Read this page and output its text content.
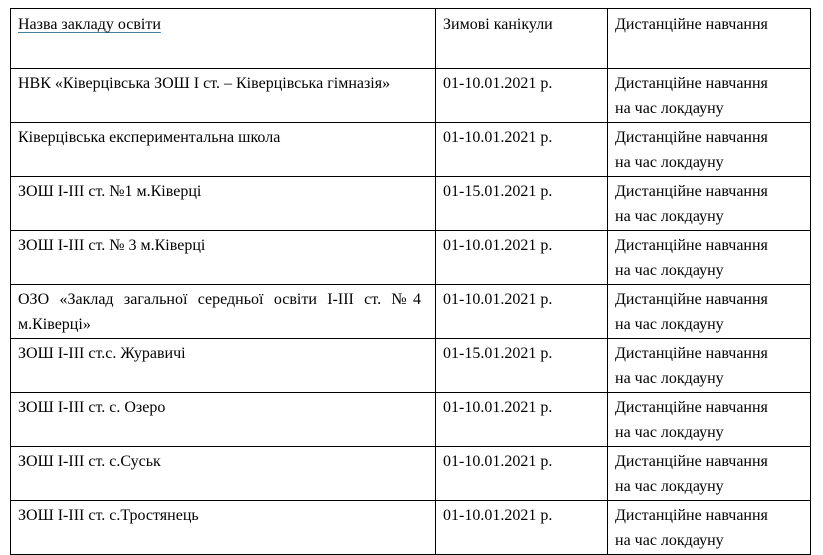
Назва закладу освіти	Зимові канікули	Дистанційне навчання
НВК «Ківерцівська ЗОШ І ст. – Ківерцівська гімназія»	01-10.01.2021 р.	Дистанційне навчання
на час локдауну

Ківерцівська експериментальна школа	01-10.01.2021 р.	Дистанційне навчання
на час локдауну

ЗОШ І-ІІІ ст. №1 м.Ківерці	01-15.01.2021 р.	Дистанційне навчання
на час локдауну

ЗОШ І-ІІІ ст. № 3 м.Ківерці	01-10.01.2021 р.	Дистанційне навчання
на час локдауну

ОЗО «Заклад загальної середньої освіти І-ІІІ ст. №4 м.Ківерці»	01-10.01.2021 р.	Дистанційне навчання
на час локдауну

ЗОШ І-ІІІ ст.с. Журавичі	01-15.01.2021 р.	Дистанційне навчання
на час локдауну

ЗОШ І-ІІІ ст. с. Озеро	01-10.01.2021 р.	Дистанційне навчання
на час локдауну

ЗОШ І-ІІІ ст. с.Суськ	01-10.01.2021 р.	Дистанційне навчання
на час локдауну

ЗОШ І-ІІІ ст. с.Тростянець	01-10.01.2021 р.	Дистанційне навчання
на час локдауну
